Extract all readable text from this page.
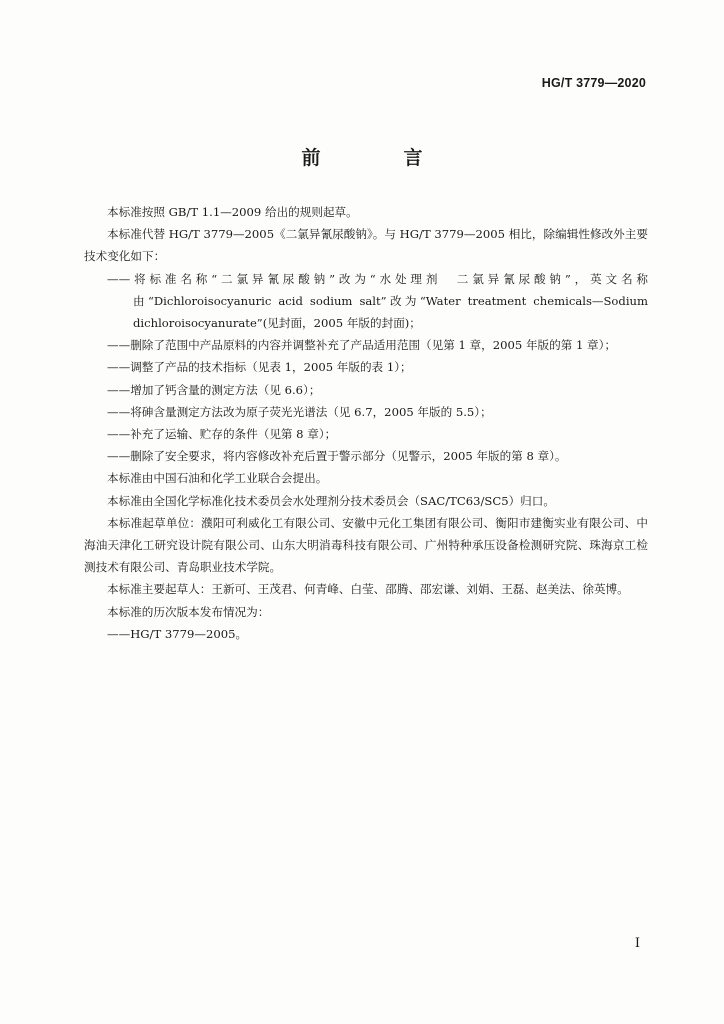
HG/T 3779—2020
前　言

本标准按照 GB/T 1.1—2009 给出的规则起草。

本标准代替 HG/T 3779—2005《二氯异氰尿酸钠》。与 HG/T 3779—2005 相比，除编辑性修改外主要技术变化如下：

——将标准名称“二氯异氰尿酸钠”改为“水处理剂　二氯异氰尿酸钠”，英文名称由“Dichloroisocyanuric acid sodium salt”改为“Water treatment chemicals—Sodium dichloroisocyanurate”(见封面，2005 年版的封面)；

——删除了范围中产品原料的内容并调整补充了产品适用范围（见第 1 章，2005 年版的第 1 章）；

——调整了产品的技术指标（见表 1，2005 年版的表 1）；

——增加了钙含量的测定方法（见 6.6）；

——将砷含量测定方法改为原子荧光光谱法（见 6.7，2005 年版的 5.5）；

——补充了运输、贮存的条件（见第 8 章）；

——删除了安全要求，将内容修改补充后置于警示部分（见警示，2005 年版的第 8 章）。

本标准由中国石油和化学工业联合会提出。

本标准由全国化学标准化技术委员会水处理剂分技术委员会（SAC/TC63/SC5）归口。

本标准起草单位：濮阳可利威化工有限公司、安徽中元化工集团有限公司、衡阳市建衡实业有限公司、中海油天津化工研究设计院有限公司、山东大明消毒科技有限公司、广州特种承压设备检测研究院、珠海京工检测技术有限公司、青岛职业技术学院。

本标准主要起草人：王新可、王茂君、何青峰、白莹、邵腾、邵宏谦、刘娟、王磊、赵美法、徐英博。

本标准的历次版本发布情况为：

——HG/T 3779—2005。

I
